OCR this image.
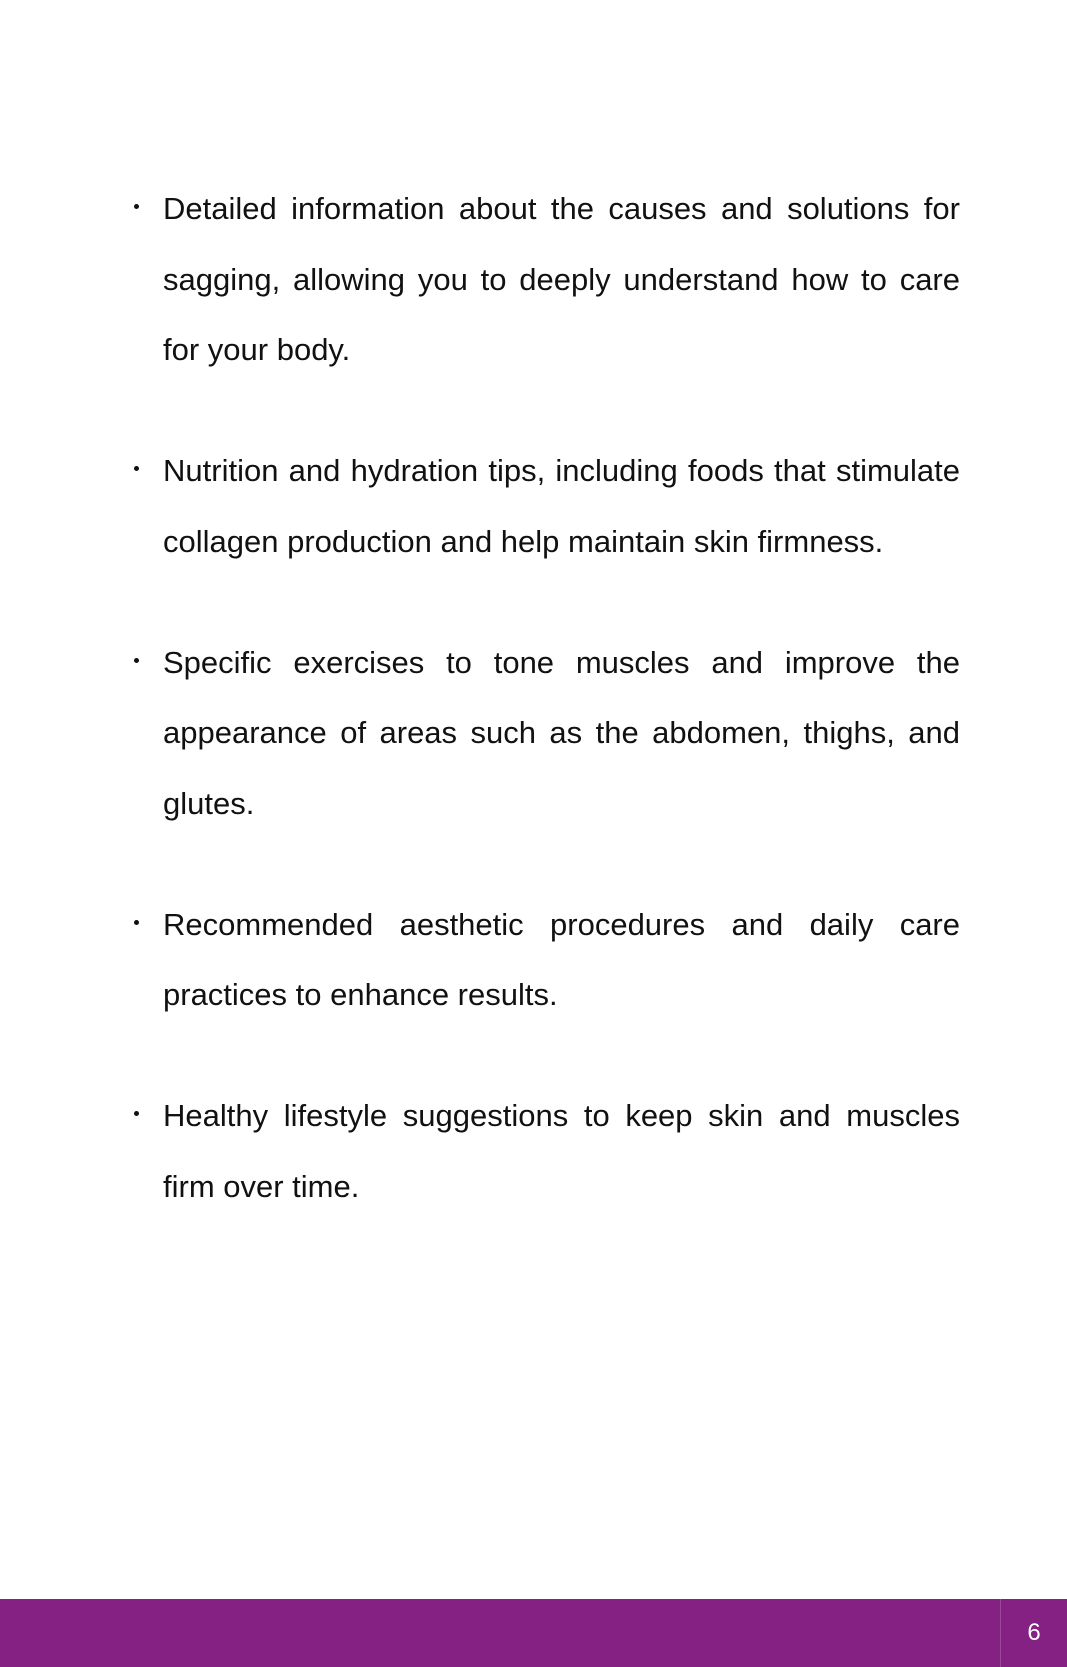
Detailed information about the causes and solutions for sagging, allowing you to deeply understand how to care for your body.
Nutrition and hydration tips, including foods that stimulate collagen production and help maintain skin firmness.
Specific exercises to tone muscles and improve the appearance of areas such as the abdomen, thighs, and glutes.
Recommended aesthetic procedures and daily care practices to enhance results.
Healthy lifestyle suggestions to keep skin and muscles firm over time.
6
